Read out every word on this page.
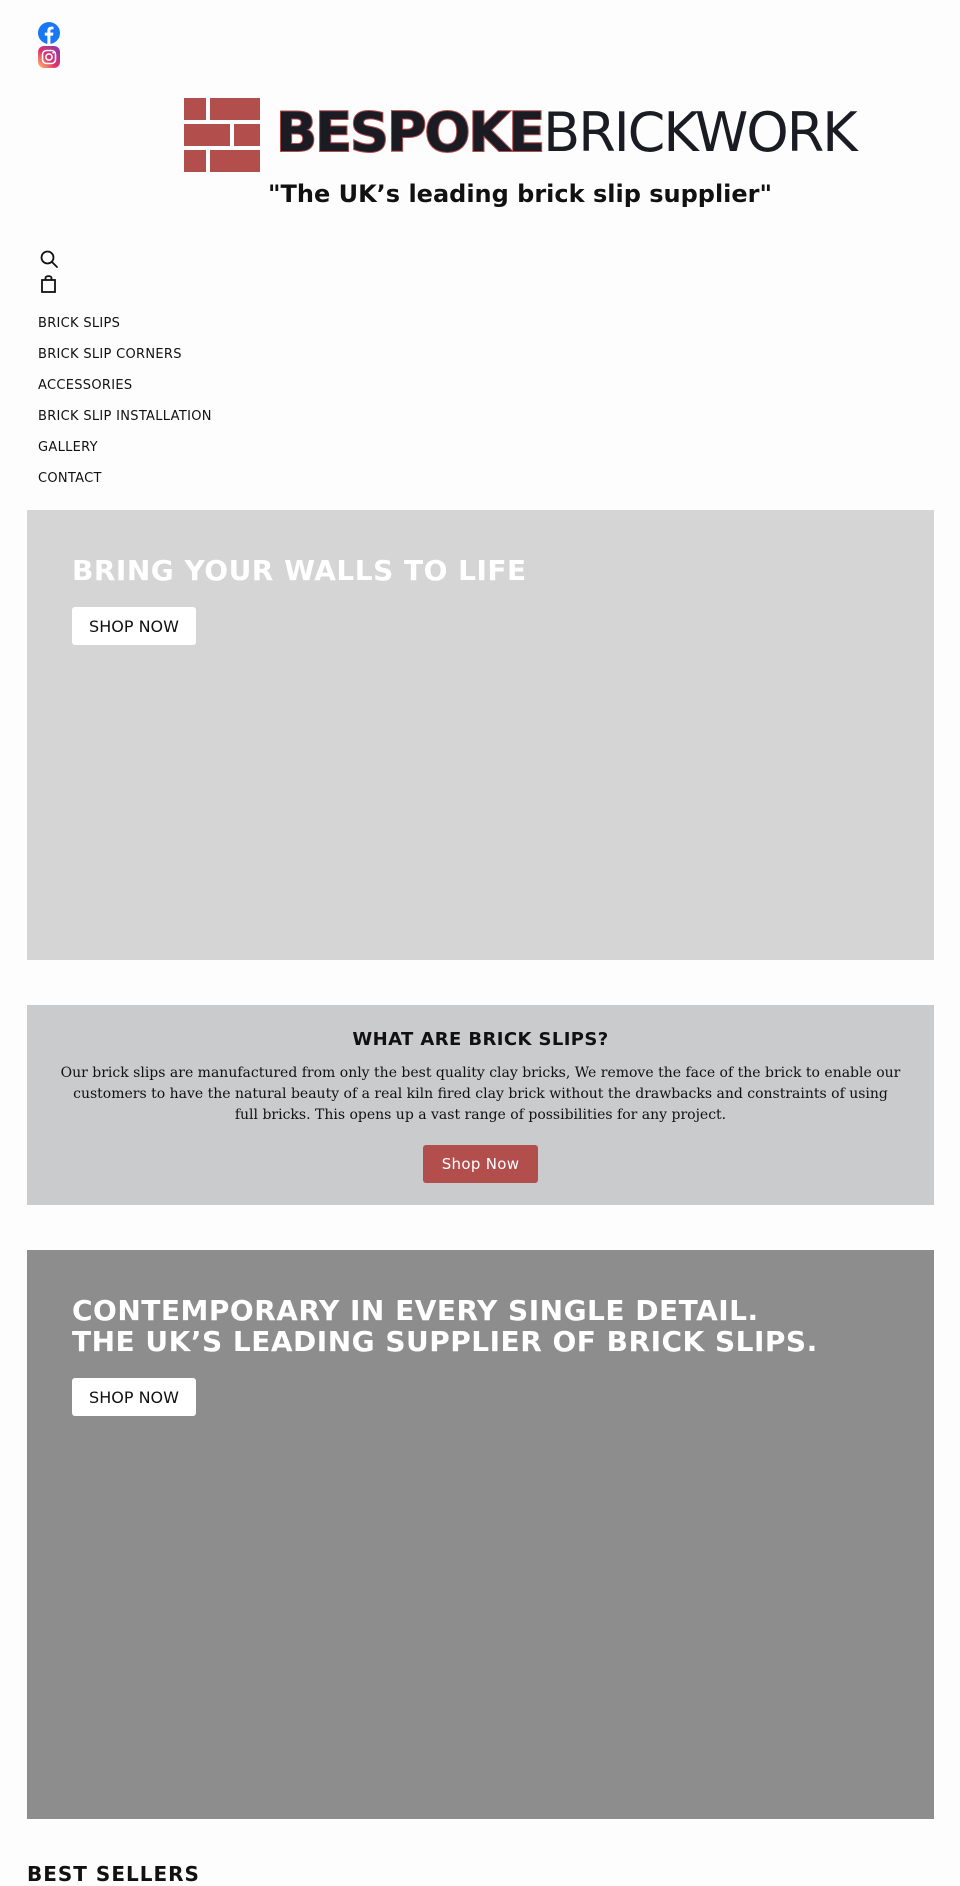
BESPOKEBRICKWORK
"The UK’s leading brick slip supplier"
BRICK SLIPS
BRICK SLIP CORNERS
ACCESSORIES
BRICK SLIP INSTALLATION
GALLERY
CONTACT
BRING YOUR WALLS TO LIFE
SHOP NOW
WHAT ARE BRICK SLIPS?

Our brick slips are manufactured from only the best quality clay bricks, We remove the face of the brick to enable our customers to have the natural beauty of a real kiln fired clay brick without the drawbacks and constraints of using full bricks. This opens up a vast range of possibilities for any project.

Shop Now
CONTEMPORARY IN EVERY SINGLE DETAIL.
THE UK’S LEADING SUPPLIER OF BRICK SLIPS.
SHOP NOW
BEST SELLERS
